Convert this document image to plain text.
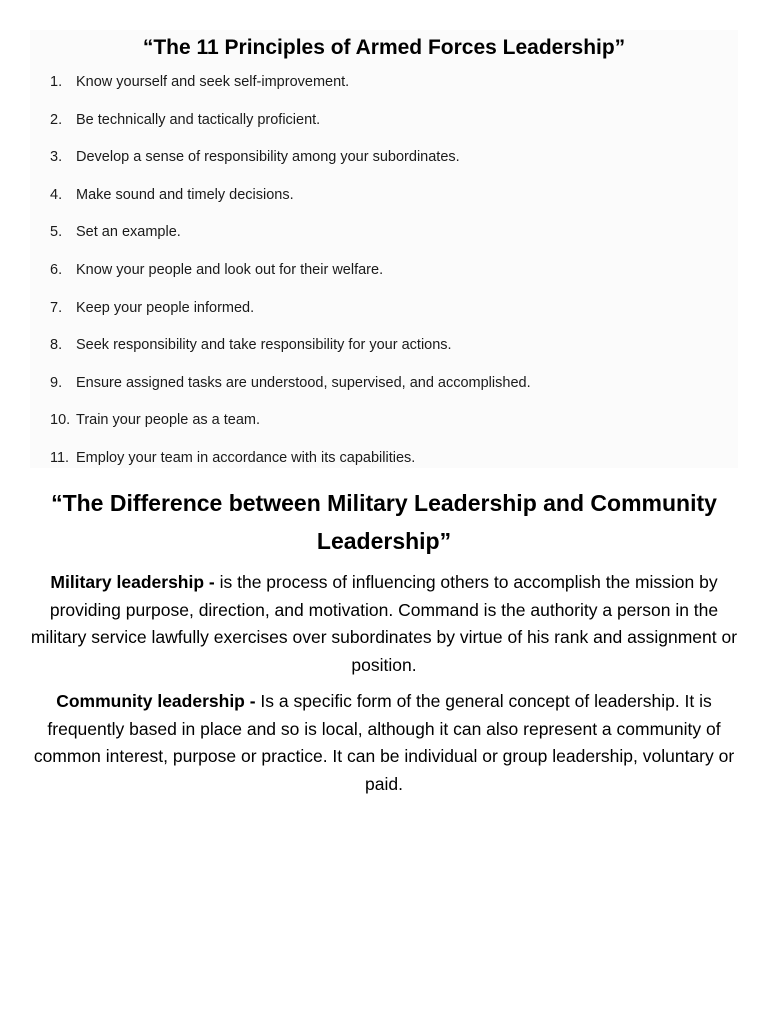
“The 11 Principles of Armed Forces Leadership”
1. Know yourself and seek self-improvement.
2. Be technically and tactically proficient.
3. Develop a sense of responsibility among your subordinates.
4. Make sound and timely decisions.
5. Set an example.
6. Know your people and look out for their welfare.
7. Keep your people informed.
8. Seek responsibility and take responsibility for your actions.
9. Ensure assigned tasks are understood, supervised, and accomplished.
10. Train your people as a team.
11. Employ your team in accordance with its capabilities.
“The Difference between Military Leadership and Community Leadership”

Military leadership - is the process of influencing others to accomplish the mission by providing purpose, direction, and motivation. Command is the authority a person in the military service lawfully exercises over subordinates by virtue of his rank and assignment or position.

Community leadership - Is a specific form of the general concept of leadership. It is frequently based in place and so is local, although it can also represent a community of common interest, purpose or practice. It can be individual or group leadership, voluntary or paid.
